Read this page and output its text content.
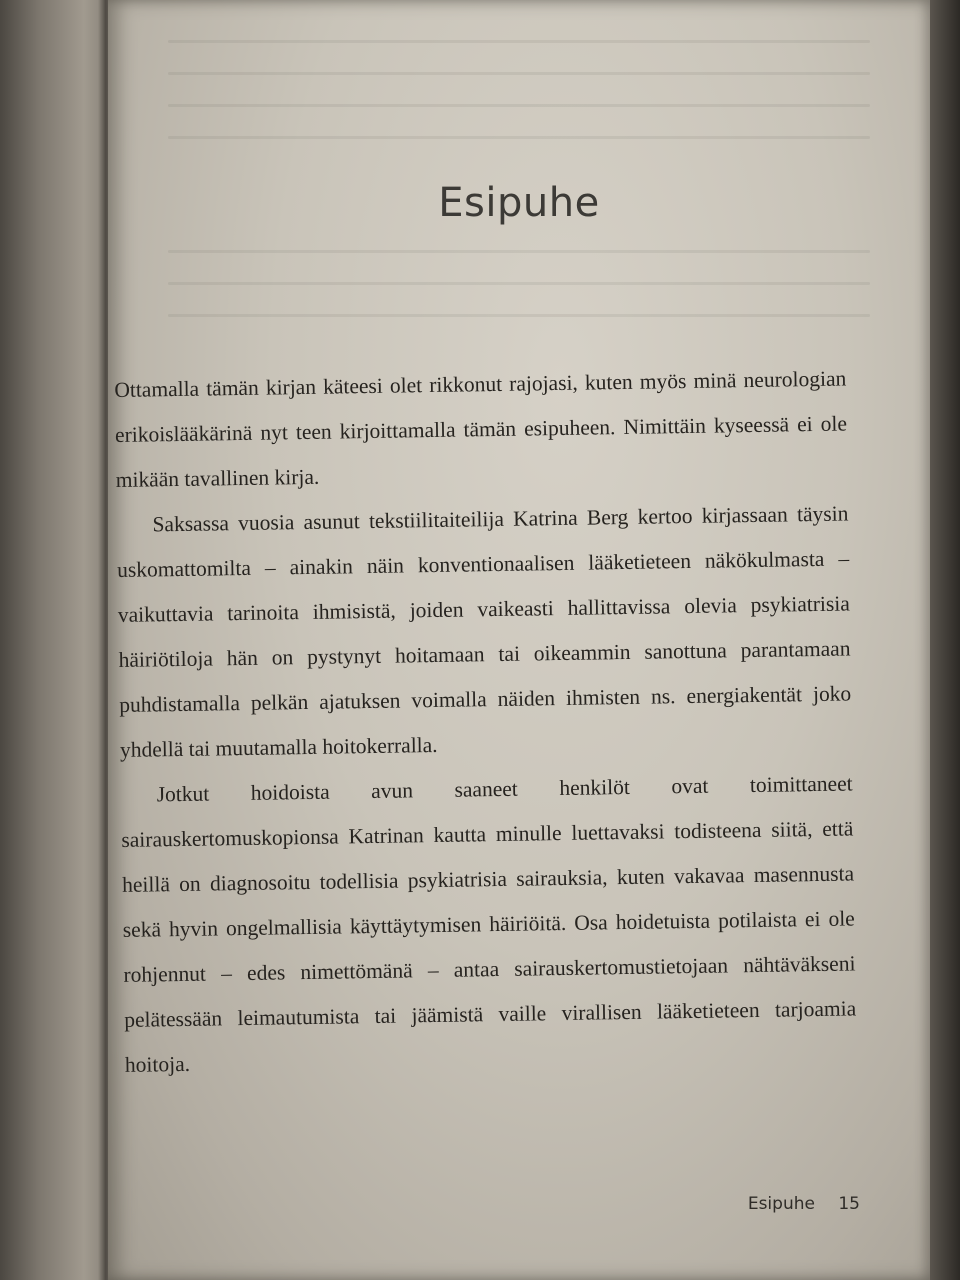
Esipuhe

Ottamalla tämän kirjan käteesi olet rikkonut rajojasi, kuten myös minä neurologian erikoislääkärinä nyt teen kirjoittamalla tämän esipuheen. Nimittäin kyseessä ei ole mikään tavallinen kirja.

Saksassa vuosia asunut tekstiilitaiteilija Katrina Berg kertoo kirjassaan täysin uskomattomilta – ainakin näin konventionaalisen lääketieteen näkökulmasta – vaikuttavia tarinoita ihmisistä, joiden vaikeasti hallittavissa olevia psykiatrisia häiriötiloja hän on pystynyt hoitamaan tai oikeammin sanottuna parantamaan puhdistamalla pelkän ajatuksen voimalla näiden ihmisten ns. energiakentät joko yhdellä tai muutamalla hoitokerralla.

Jotkut hoidoista avun saaneet henkilöt ovat toimittaneet sairauskertomuskopionsa Katrinan kautta minulle luettavaksi todisteena siitä, että heillä on diagnosoitu todellisia psykiatrisia sairauksia, kuten vakavaa masennusta sekä hyvin ongelmallisia käyttäytymisen häiriöitä. Osa hoidetuista potilaista ei ole rohjennut – edes nimettömänä – antaa sairauskertomustietojaan nähtäväkseni pelätessään leimautumista tai jäämistä vaille virallisen lääketieteen tarjoamia hoitoja.

Esipuhe 15
